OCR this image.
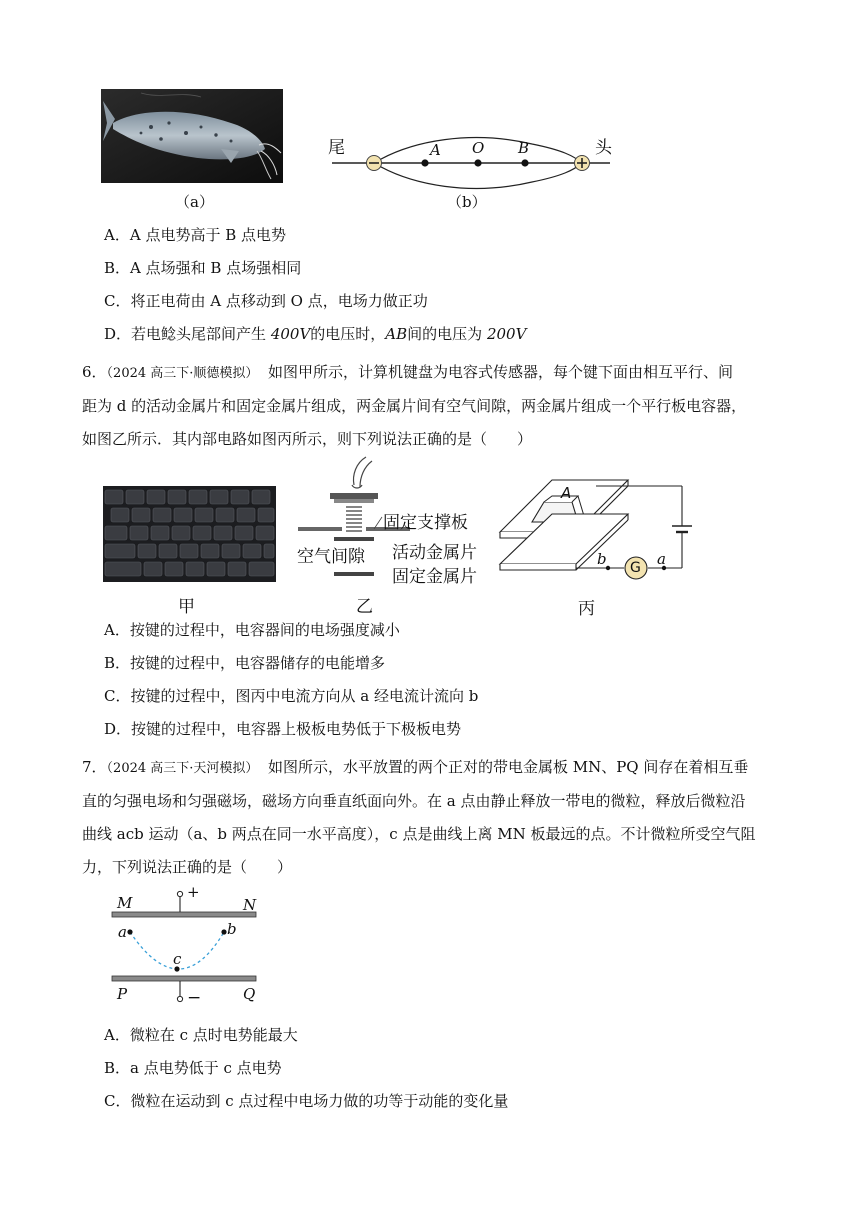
（a）
尾	头
A O B
（b）
A．A 点电势高于 B 点电势
B．A 点场强和 B 点场强相同
C．将正电荷由 A 点移动到 O 点，电场力做正功
D．若电鲶头尾部间产生 400V的电压时，AB间的电压为 200V
6．（2024 高三下·顺德模拟） 如图甲所示，计算机键盘为电容式传感器，每个键下面由相互平行、间
距为 d 的活动金属片和固定金属片组成，两金属片间有空气间隙，两金属片组成一个平行板电容器，
如图乙所示．其内部电路如图丙所示，则下列说法正确的是（　　）
甲
固定支撑板
空气间隙 活动金属片
固定金属片
乙
A
G
b	a
丙
A．按键的过程中，电容器间的电场强度减小
B．按键的过程中，电容器储存的电能增多
C．按键的过程中，图丙中电流方向从 a 经电流计流向 b
D．按键的过程中，电容器上极板电势低于下极板电势
7．（2024 高三下·天河模拟） 如图所示，水平放置的两个正对的带电金属板 MN、PQ 间存在着相互垂
直的匀强电场和匀强磁场，磁场方向垂直纸面向外。在 a 点由静止释放一带电的微粒，释放后微粒沿
曲线 acb 运动（a、b 两点在同一水平高度），c 点是曲线上离 MN 板最远的点。不计微粒所受空气阻
力，下列说法正确的是（　　）
+
−
M	N
a	b
c
P	Q
A．微粒在 c 点时电势能最大
B．a 点电势低于 c 点电势
C．微粒在运动到 c 点过程中电场力做的功等于动能的变化量
